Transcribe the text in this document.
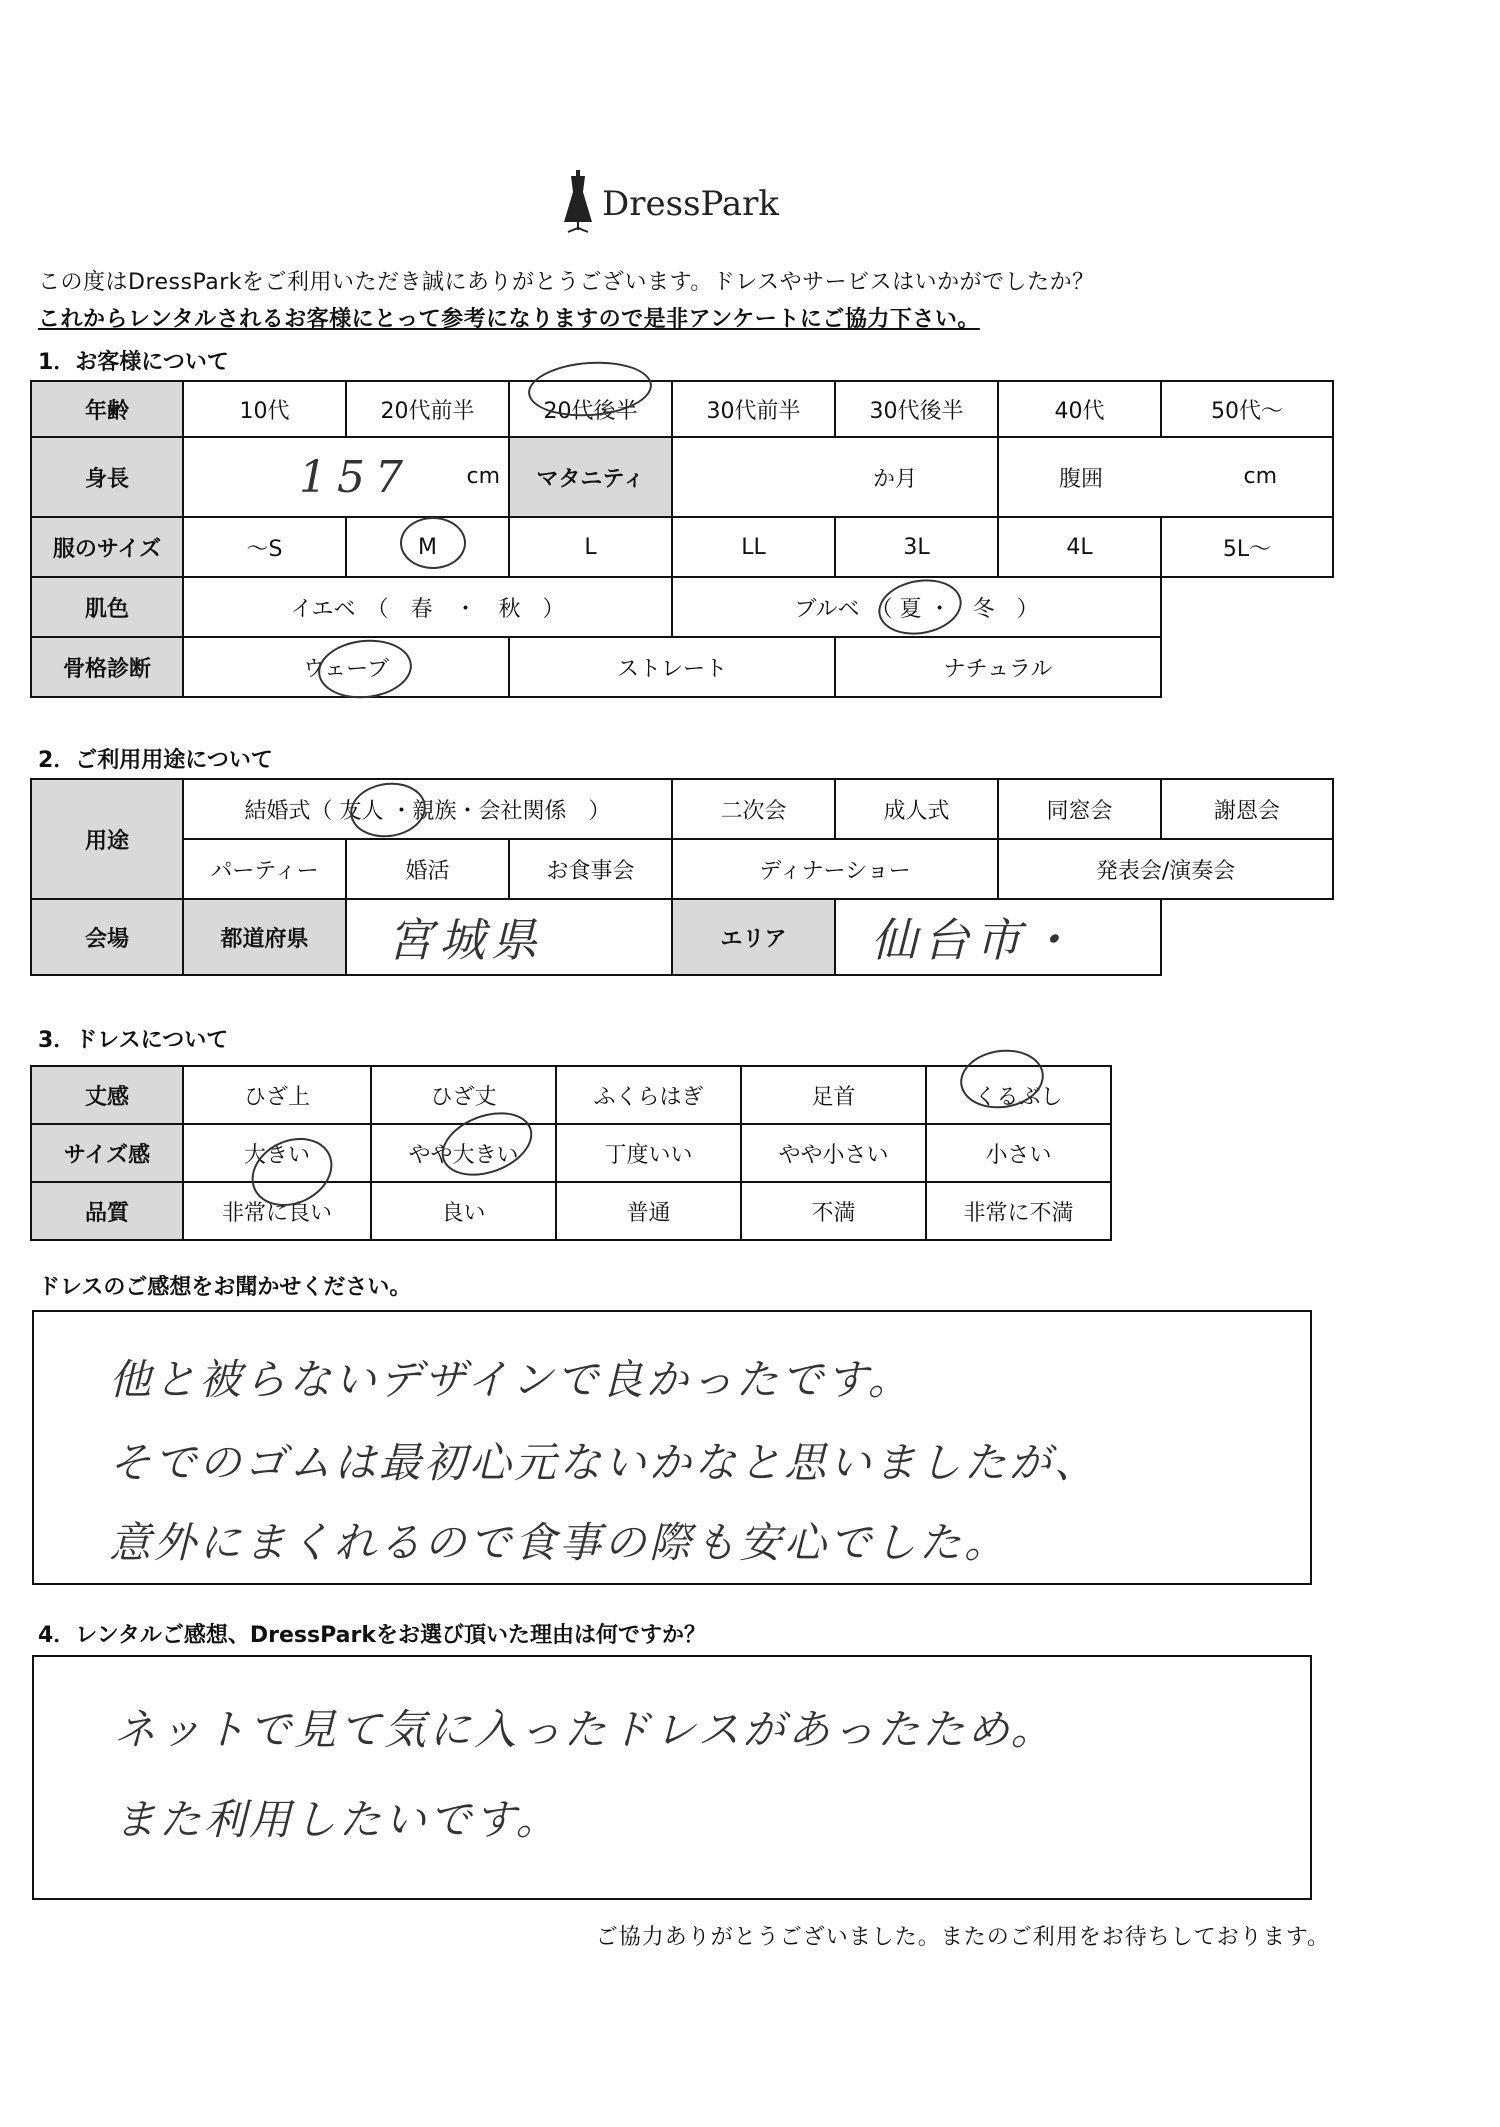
DressPark
この度はDressParkをご利用いただき誠にありがとうございます。ドレスやサービスはいかがでしたか？
これからレンタルされるお客様にとって参考になりますので是非アンケートにご協力下さい。
1．お客様について
年齢	10代	20代前半	20代後半	30代前半	30代後半	40代	50代～
身長	157 cm		マタニティ	か月		腹囲 cm	

服のサイズ	～S	M	L	LL	3L	4L	5L～
肌色	イエベ　（　春　・　秋　）			ブルベ　（ 夏 ・　冬　）			
骨格診断	ウェーブ		ストレート		ナチュラル		
2．ご利用用途について
用途	結婚式（ 友人 ・親族・会社関係　）			二次会	成人式	同窓会	謝恩会
	パーティー	婚活	お食事会	ディナーショー		発表会/演奏会	
会場	都道府県	宮城県		エリア	仙台市・		
3．ドレスについて
丈感	ひざ上	ひざ丈	ふくらはぎ	足首	くるぶし
サイズ感	大きい	やや大きい	丁度いい	やや小さい	小さい
品質	非常に良い	良い	普通	不満	非常に不満
ドレスのご感想をお聞かせください。
他と被らないデザインで良かったです。
そでのゴムは最初心元ないかなと思いましたが、
意外にまくれるので食事の際も安心でした。
4．レンタルご感想、DressParkをお選び頂いた理由は何ですか？
ネットで見て気に入ったドレスがあったため。
また利用したいです。
ご協力ありがとうございました。またのご利用をお待ちしております。
